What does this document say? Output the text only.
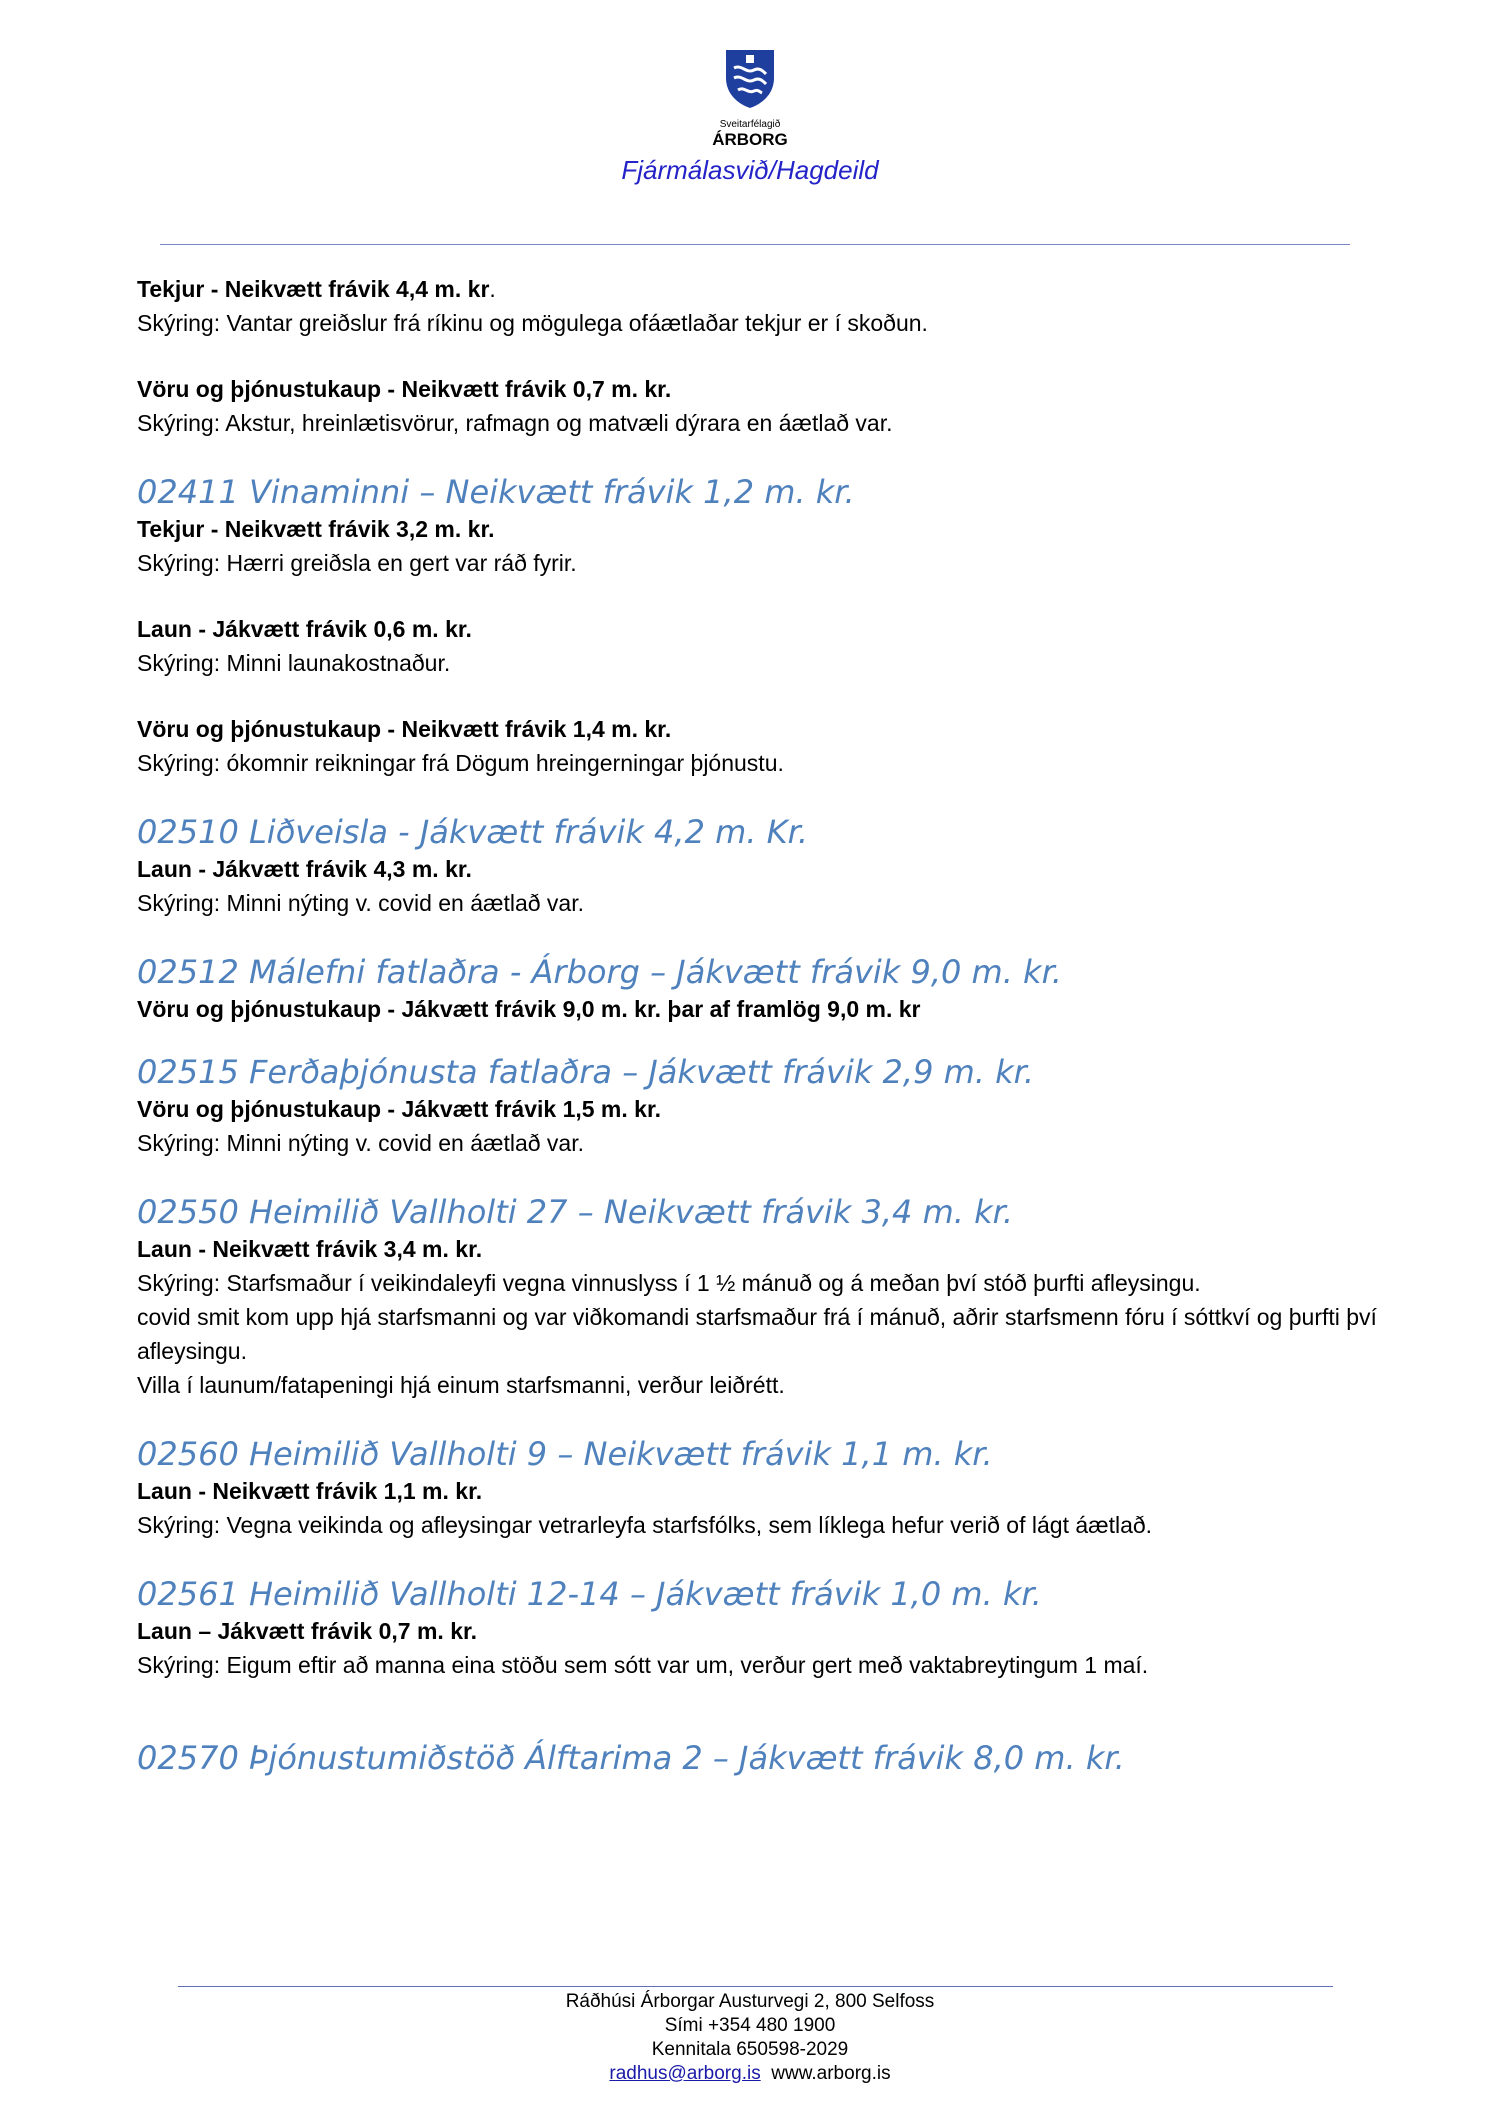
Sveitarfélagið
ÁRBORG
Fjármálasvið/Hagdeild
Tekjur - Neikvætt frávik 4,4 m. kr.
Skýring: Vantar greiðslur frá ríkinu og mögulega ofáætlaðar tekjur er í skoðun.
Vöru og þjónustukaup - Neikvætt frávik 0,7 m. kr.
Skýring: Akstur, hreinlætisvörur, rafmagn og matvæli dýrara en áætlað var.
02411 Vinaminni – Neikvætt frávik 1,2 m. kr.
Tekjur - Neikvætt frávik 3,2 m. kr.
Skýring: Hærri greiðsla en gert var ráð fyrir.
Laun - Jákvætt frávik 0,6 m. kr.
Skýring: Minni launakostnaður.
Vöru og þjónustukaup - Neikvætt frávik 1,4 m. kr.
Skýring: ókomnir reikningar frá Dögum hreingerningar þjónustu.
02510 Liðveisla - Jákvætt frávik 4,2 m. Kr.
Laun - Jákvætt frávik 4,3 m. kr.
Skýring: Minni nýting v. covid en áætlað var.
02512 Málefni fatlaðra - Árborg – Jákvætt frávik 9,0 m. kr.
Vöru og þjónustukaup - Jákvætt frávik 9,0 m. kr. þar af framlög 9,0 m. kr
02515 Ferðaþjónusta fatlaðra – Jákvætt frávik 2,9 m. kr.
Vöru og þjónustukaup - Jákvætt frávik 1,5 m. kr.
Skýring: Minni nýting v. covid en áætlað var.
02550 Heimilið Vallholti 27 – Neikvætt frávik 3,4 m. kr.
Laun - Neikvætt frávik 3,4 m. kr.
Skýring: Starfsmaður í veikindaleyfi vegna vinnuslyss í 1 ½ mánuð og á meðan því stóð þurfti afleysingu.
covid smit kom upp hjá starfsmanni og var viðkomandi starfsmaður frá í mánuð, aðrir starfsmenn fóru í sóttkví og þurfti því afleysingu.
Villa í launum/fatapeningi hjá einum starfsmanni, verður leiðrétt.
02560 Heimilið Vallholti 9 – Neikvætt frávik 1,1 m. kr.
Laun - Neikvætt frávik 1,1 m. kr.
Skýring: Vegna veikinda og afleysingar vetrarleyfa starfsfólks, sem líklega hefur verið of lágt áætlað.
02561 Heimilið Vallholti 12-14 – Jákvætt frávik 1,0 m. kr.
Laun – Jákvætt frávik 0,7 m. kr.
Skýring: Eigum eftir að manna eina stöðu sem sótt var um, verður gert með vaktabreytingum 1 maí.
02570 Þjónustumiðstöð Álftarima 2 – Jákvætt frávik 8,0 m. kr.
Ráðhúsi Árborgar Austurvegi 2, 800 Selfoss
Sími +354 480 1900
Kennitala 650598-2029
radhus@arborg.is www.arborg.is
